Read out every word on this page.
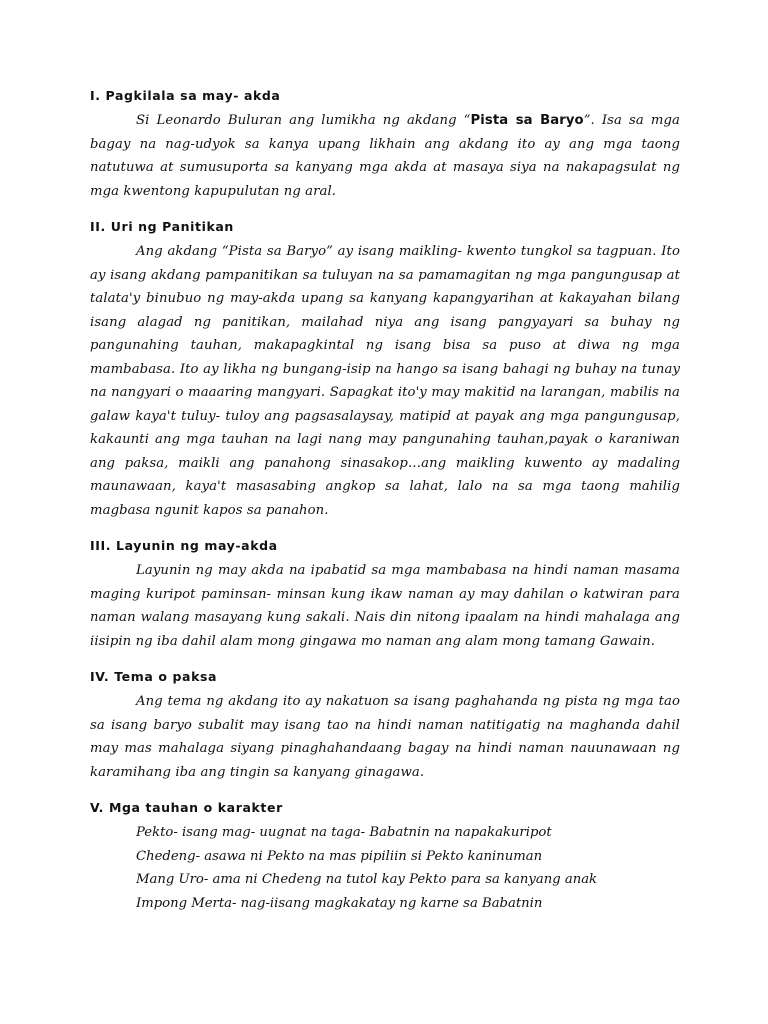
I. Pagkilala sa may- akda

Si Leonardo Buluran ang lumikha ng akdang “Pista sa Baryo”. Isa sa mga bagay na nag-udyok sa kanya upang likhain ang akdang ito ay ang mga taong natutuwa at sumusuporta sa kanyang mga akda at masaya siya na nakapagsulat ng mga kwentong kapupulutan ng aral.

II. Uri ng Panitikan

Ang akdang “Pista sa Baryo” ay isang maikling- kwento tungkol sa tagpuan. Ito ay isang akdang pampanitikan sa tuluyan na sa pamamagitan ng mga pangungusap at talata'y binubuo ng may-akda upang sa kanyang kapangyarihan at kakayahan bilang isang alagad ng panitikan, mailahad niya ang isang pangyayari sa buhay ng pangunahing tauhan, makapagkintal ng isang bisa sa puso at diwa ng mga mambabasa. Ito ay likha ng bungang-isip na hango sa isang bahagi ng buhay na tunay na nangyari o maaaring mangyari. Sapagkat ito'y may makitid na larangan, mabilis na galaw kaya't tuluy- tuloy ang pagsasalaysay, matipid at payak ang mga pangungusap, kakaunti ang mga tauhan na lagi nang may pangunahing tauhan,payak o karaniwan ang paksa, maikli ang panahong sinasakop…ang maikling kuwento ay madaling maunawaan, kaya't masasabing angkop sa lahat, lalo na sa mga taong mahilig magbasa ngunit kapos sa panahon.

III. Layunin ng may-akda

Layunin ng may akda na ipabatid sa mga mambabasa na hindi naman masama maging kuripot paminsan- minsan kung ikaw naman ay may dahilan o katwiran para naman walang masayang kung sakali. Nais din nitong ipaalam na hindi mahalaga ang iisipin ng iba dahil alam mong gingawa mo naman ang alam mong tamang Gawain.

IV. Tema o paksa

Ang tema ng akdang ito ay nakatuon sa isang paghahanda ng pista ng mga tao sa isang baryo subalit may isang tao na hindi naman natitigatig na maghanda dahil may mas mahalaga siyang pinaghahandaang bagay na hindi naman nauunawaan ng karamihang iba ang tingin sa kanyang ginagawa.

V. Mga tauhan o karakter
Pekto- isang mag- uugnat na taga- Babatnin na napakakuripot
Chedeng- asawa ni Pekto na mas pipiliin si Pekto kaninuman
Mang Uro- ama ni Chedeng na tutol kay Pekto para sa kanyang anak
Impong Merta- nag-iisang magkakatay ng karne sa Babatnin
